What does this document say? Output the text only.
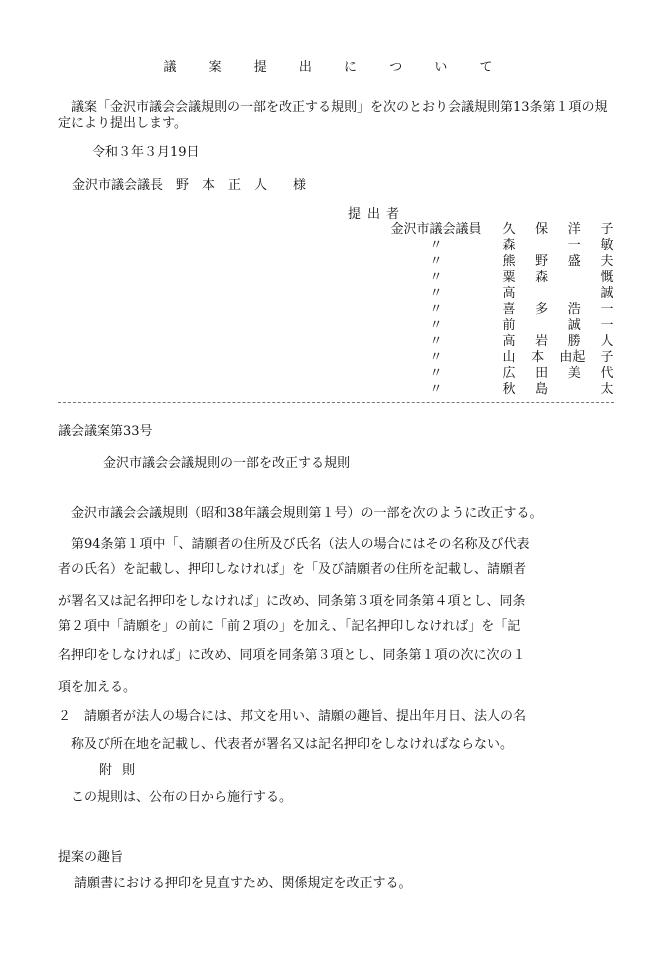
議 案 提 出 に つ い て
議案「金沢市議会会議規則の一部を改正する規則」を次のとおり会議規則第13条第１項の規定により提出します。
令和３年３月19日
金沢市議会議長　野　本　正　人　　様
提出者
金沢市議会議員	久 保 洋 子
〃	森	一 敏
〃	熊 野 盛 夫
〃	粟 森	慨
〃	高	誠
〃	喜 多 浩 一
〃	前	誠 一
〃	高 岩 勝 人
〃	山 本 由起 子
〃	広 田 美 代
〃	秋 島	太
議会議案第33号
金沢市議会会議規則の一部を改正する規則
　金沢市議会会議規則（昭和38年議会規則第１号）の一部を次のように改正する。
　第94条第１項中「、請願者の住所及び氏名（法人の場合にはその名称及び代表
者の氏名）を記載し、押印しなければ」を「及び請願者の住所を記載し、請願者
が署名又は記名押印をしなければ」に改め、同条第３項を同条第４項とし、同条
第２項中「請願を」の前に「前２項の」を加え、「記名押印しなければ」を「記
名押印をしなければ」に改め、同項を同条第３項とし、同条第１項の次に次の１
項を加える。
２　請願者が法人の場合には、邦文を用い、請願の趣旨、提出年月日、法人の名
　称及び所在地を記載し、代表者が署名又は記名押印をしなければならない。
附則
　この規則は、公布の日から施行する。
提案の趣旨
請願書における押印を見直すため、関係規定を改正する。
